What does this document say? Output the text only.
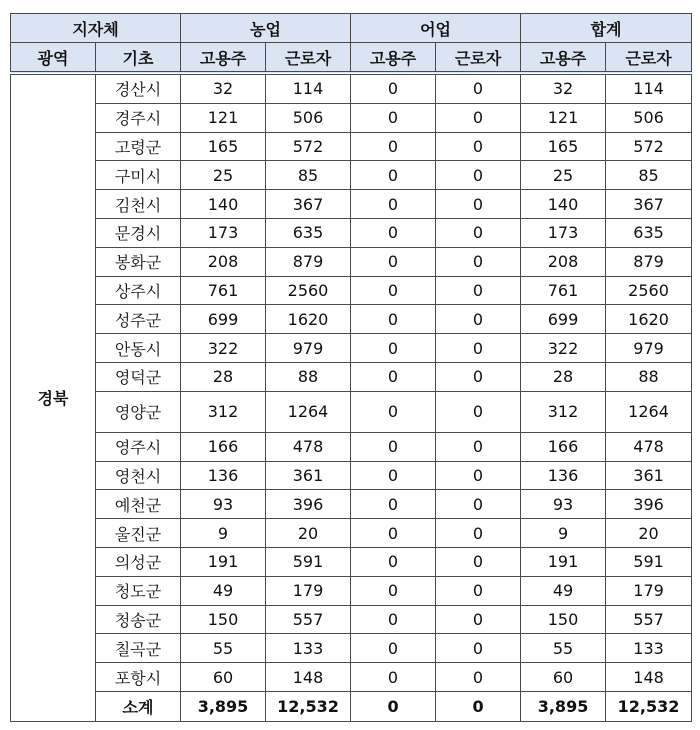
지자체		농업		어업		합계	
광역	기초	고용주	근로자	고용주	근로자	고용주	근로자
경북	경산시	32	114	0	0	32	114
	경주시	121	506	0	0	121	506
	고령군	165	572	0	0	165	572
	구미시	25	85	0	0	25	85
	김천시	140	367	0	0	140	367
	문경시	173	635	0	0	173	635
	봉화군	208	879	0	0	208	879
	상주시	761	2560	0	0	761	2560
	성주군	699	1620	0	0	699	1620
	안동시	322	979	0	0	322	979
	영덕군	28	88	0	0	28	88
	영양군	312	1264	0	0	312	1264
	영주시	166	478	0	0	166	478
	영천시	136	361	0	0	136	361
	예천군	93	396	0	0	93	396
	울진군	9	20	0	0	9	20
	의성군	191	591	0	0	191	591
	청도군	49	179	0	0	49	179
	청송군	150	557	0	0	150	557
	칠곡군	55	133	0	0	55	133
	포항시	60	148	0	0	60	148
	소계	3,895	12,532	0	0	3,895	12,532
